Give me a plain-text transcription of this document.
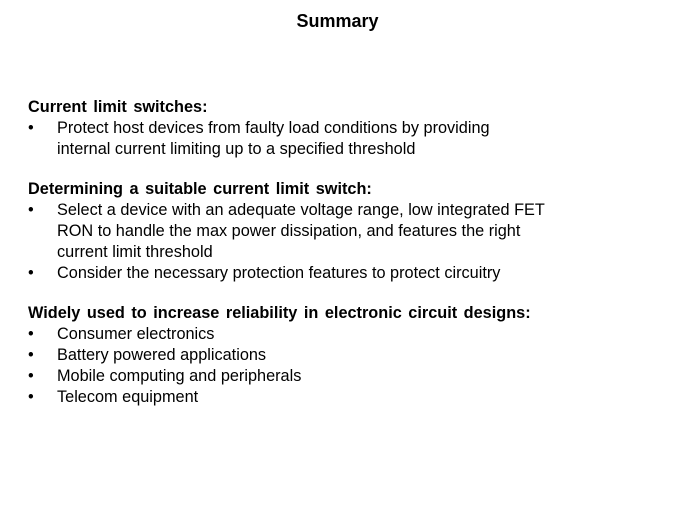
Summary
Current limit switches:
• Protect host devices from faulty load conditions by providing
internal current limiting up to a specified threshold
Determining a suitable current limit switch:
• Select a device with an adequate voltage range, low integrated FET
RON to handle the max power dissipation, and features the right
current limit threshold
• Consider the necessary protection features to protect circuitry
Widely used to increase reliability in electronic circuit designs:
• Consumer electronics
• Battery powered applications
• Mobile computing and peripherals
• Telecom equipment
